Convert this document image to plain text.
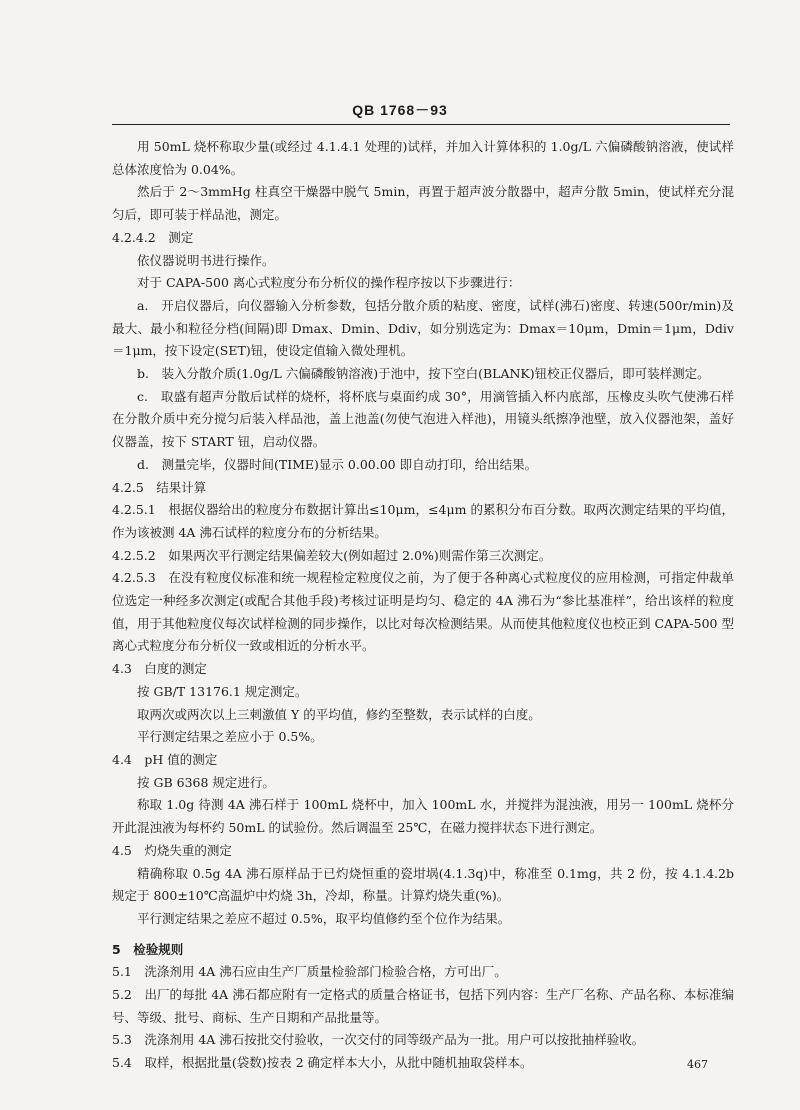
QB 1768－93

用 50mL 烧杯称取少量(或经过 4.1.4.1 处理的)试样，并加入计算体积的 1.0g/L 六偏磷酸钠溶液，使试样总体浓度恰为 0.04%。

然后于 2～3mmHg 柱真空干燥器中脱气 5min，再置于超声波分散器中，超声分散 5min，使试样充分混匀后，即可装于样品池，测定。

4.2.4.2　测定

依仪器说明书进行操作。

对于 CAPA-500 离心式粒度分布分析仪的操作程序按以下步骤进行：

a.　开启仪器后，向仪器输入分析参数，包括分散介质的粘度、密度，试样(沸石)密度、转速(500r/min)及最大、最小和粒径分档(间隔)即 Dmax、Dmin、Ddiv，如分别选定为：Dmax＝10μm，Dmin＝1μm，Ddiv＝1μm，按下设定(SET)钮，使设定值输入微处理机。

b.　装入分散介质(1.0g/L 六偏磷酸钠溶液)于池中，按下空白(BLANK)钮校正仪器后，即可装样测定。

c.　取盛有超声分散后试样的烧杯，将杯底与桌面约成 30°，用滴管插入杯内底部，压橡皮头吹气使沸石样在分散介质中充分搅匀后装入样品池，盖上池盖(勿使气泡进入样池)，用镜头纸擦净池壁，放入仪器池架，盖好仪器盖，按下 START 钮，启动仪器。

d.　测量完毕，仪器时间(TIME)显示 0.00.00 即自动打印，给出结果。

4.2.5　结果计算

4.2.5.1　根据仪器给出的粒度分布数据计算出≤10μm，≤4μm 的累积分布百分数。取两次测定结果的平均值，作为该被测 4A 沸石试样的粒度分布的分析结果。

4.2.5.2　如果两次平行测定结果偏差较大(例如超过 2.0%)则需作第三次测定。

4.2.5.3　在没有粒度仪标准和统一规程检定粒度仪之前，为了便于各种离心式粒度仪的应用检测，可指定仲裁单位选定一种经多次测定(或配合其他手段)考核过证明是均匀、稳定的 4A 沸石为“参比基准样”，给出该样的粒度值，用于其他粒度仪每次试样检测的同步操作，以比对每次检测结果。从而使其他粒度仪也校正到 CAPA-500 型离心式粒度分布分析仪一致或相近的分析水平。

4.3　白度的测定

按 GB/T 13176.1 规定测定。

取两次或两次以上三刺激值 Y 的平均值，修约至整数，表示试样的白度。

平行测定结果之差应小于 0.5%。

4.4　pH 值的测定

按 GB 6368 规定进行。

称取 1.0g 待测 4A 沸石样于 100mL 烧杯中，加入 100mL 水，并搅拌为混浊液，用另一 100mL 烧杯分开此混浊液为每杯约 50mL 的试验份。然后调温至 25℃，在磁力搅拌状态下进行测定。

4.5　灼烧失重的测定

精确称取 0.5g 4A 沸石原样品于已灼烧恒重的瓷坩埚(4.1.3q)中，称准至 0.1mg，共 2 份，按 4.1.4.2b 规定于 800±10℃高温炉中灼烧 3h，冷却，称量。计算灼烧失重(%)。

平行测定结果之差应不超过 0.5%，取平均值修约至个位作为结果。

5　检验规则

5.1　洗涤剂用 4A 沸石应由生产厂质量检验部门检验合格，方可出厂。

5.2　出厂的每批 4A 沸石都应附有一定格式的质量合格证书，包括下列内容：生产厂名称、产品名称、本标准编号、等级、批号、商标、生产日期和产品批量等。

5.3　洗涤剂用 4A 沸石按批交付验收，一次交付的同等级产品为一批。用户可以按批抽样验收。

5.4　取样，根据批量(袋数)按表 2 确定样本大小，从批中随机抽取袋样本。	467
